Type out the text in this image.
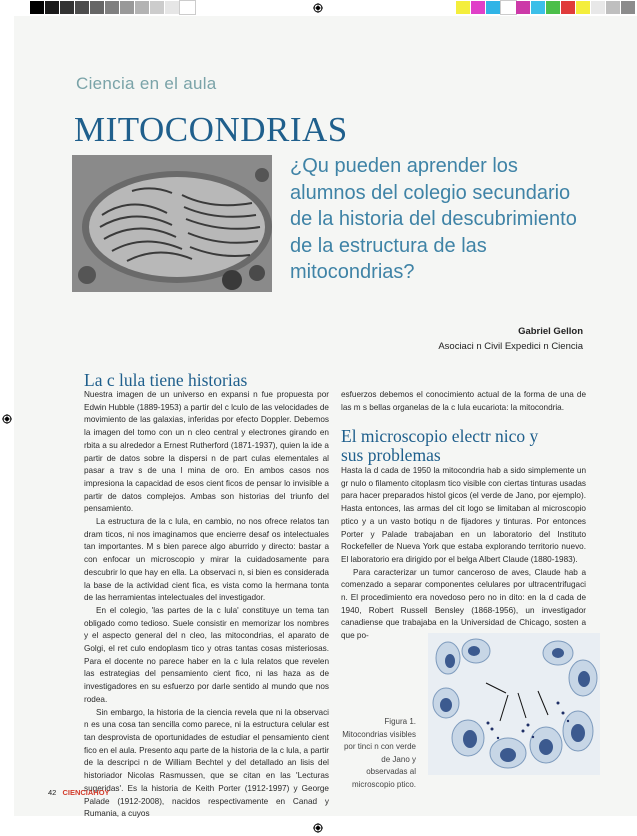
Ciencia en el aula
MITOCONDRIAS
¿Qu pueden aprender los alumnos del colegio secundario de la historia del descubrimiento de la estructura de las mitocondrias?
Gabriel Gellon
Asociaci n Civil Expedici n Ciencia
La c lula tiene historias

Nuestra imagen de un universo en expansi n fue propuesta por Edwin Hubble (1889-1953) a partir del c lculo de las velocidades de movimiento de las galaxias, inferidas por efecto Doppler. Debemos la imagen del tomo con un n cleo central y electrones girando en rbita a su alrededor a Ernest Rutherford (1871-1937), quien la ide a partir de datos sobre la dispersi n de part culas elementales al pasar a trav s de una l mina de oro. En ambos casos nos impresiona la capacidad de esos cient ficos de pensar lo invisible a partir de datos complejos. Ambas son historias del triunfo del pensamiento.

La estructura de la c lula, en cambio, no nos ofrece relatos tan dram ticos, ni nos imaginamos que encierre desaf os intelectuales tan importantes. M s bien parece algo aburrido y directo: bastar a con enfocar un microscopio y mirar la cuidadosamente para descubrir lo que hay en ella. La observaci n, si bien es considerada la base de la actividad cient fica, es vista como la hermana tonta de las herramientas intelectuales del investigador.

En el colegio, 'las partes de la c lula' constituye un tema tan obligado como tedioso. Suele consistir en memorizar los nombres y el aspecto general del n cleo, las mitocondrias, el aparato de Golgi, el ret culo endoplasm tico y otras tantas cosas misteriosas. Para el docente no parece haber en la c lula relatos que revelen las estrategias del pensamiento cient fico, ni las haza as de investigadores en su esfuerzo por darle sentido al mundo que nos rodea.

Sin embargo, la historia de la ciencia revela que ni la observaci n es una cosa tan sencilla como parece, ni la estructura celular est tan desprovista de oportunidades de estudiar el pensamiento cient fico en el aula. Presento aqu parte de la historia de la c lula, a partir de la descripci n de William Bechtel y del detallado an lisis del historiador Nicolas Rasmussen, que se citan en las 'Lecturas sugeridas'. Es la historia de Keith Porter (1912-1997) y George Palade (1912-2008), nacidos respectivamente en Canad y Rumania, a cuyos

esfuerzos debemos el conocimiento actual de la forma de una de las m s bellas organelas de la c lula eucariota: la mitocondria.

El microscopio electr nico y
sus problemas

Hasta la d cada de 1950 la mitocondria hab a sido simplemente un gr nulo o filamento citoplasm tico visible con ciertas tinturas usadas para hacer preparados histol gicos (el verde de Jano, por ejemplo). Hasta entonces, las armas del cit logo se limitaban al microscopio ptico y a un vasto botiqu n de fijadores y tinturas. Por entonces Porter y Palade trabajaban en un laboratorio del Instituto Rockefeller de Nueva York que estaba explorando territorio nuevo. El laboratorio era dirigido por el belga Albert Claude (1880-1983).

Para caracterizar un tumor canceroso de aves, Claude hab a comenzado a separar componentes celulares por ultracentrifugaci n. El procedimiento era novedoso pero no in dito: en la d cada de 1940, Robert Russell Bensley (1868-1956), un investigador canadiense que trabajaba en la Universidad de Chicago, sosten a que po-

Figura 1. Mitocondrias visibles por tinci n con verde de Jano y observadas al microscopio ptico.
42 CIENCIAHOY
